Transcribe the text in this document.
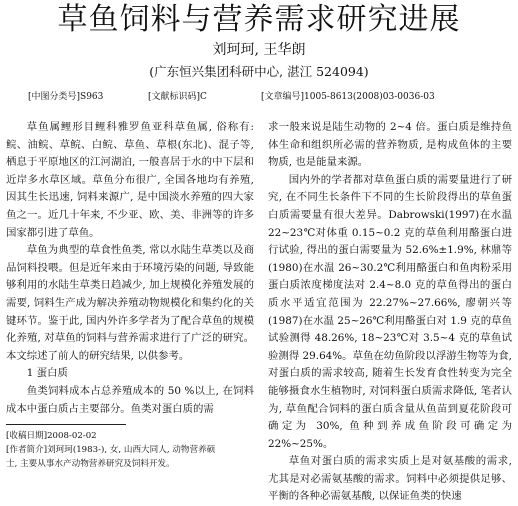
草鱼饲料与营养需求研究进展
刘珂珂, 王华朗
(广东恒兴集团科研中心, 湛江 524094)
[中图分类号]S963	[文献标识码]C	[文章编号]1005-8613(2008)03-0036-03

草鱼属鲤形目鲤科雅罗鱼亚科草鱼属, 俗称有: 鲩、油鲩、草鲩、白鲩、草鱼、草根(东北)、混子等, 栖息于平原地区的江河湖泊, 一般喜居于水的中下层和近岸多水草区域。草鱼分布很广, 全国各地均有养殖, 因其生长迅速, 饲料来源广, 是中国淡水养殖的四大家鱼之一。近几十年来, 不少亚、欧、美、非洲等的许多国家都引进了草鱼。

草鱼为典型的草食性鱼类, 常以水陆生草类以及商品饲料投喂。但是近年来由于环境污染的问题, 导致能够利用的水陆生草类日趋减少, 加上规模化养殖发展的需要, 饲料生产成为解决养殖动物规模化和集约化的关键环节。鉴于此, 国内外许多学者为了配合草鱼的规模化养殖, 对草鱼的饲料与营养需求进行了广泛的研究。本文综述了前人的研究结果, 以供参考。

1 蛋白质

鱼类饲料成本占总养殖成本的 50 %以上, 在饲料成本中蛋白质占主要部分。鱼类对蛋白质的需

求一般来说是陆生动物的 2~4 倍。蛋白质是维持鱼体生命和组织所必需的营养物质, 是构成鱼体的主要物质, 也是能量来源。

国内外的学者都对草鱼蛋白质的需要量进行了研究, 在不同生长条件下不同的生长阶段得出的草鱼蛋白质需要量有很大差异。Dabrowski(1997)在水温 22~23℃对体重 0.15~0.2 克的草鱼利用酪蛋白进行试验, 得出的蛋白需要量为 52.6%±1.9%, 林鼎等(1980)在水温 26~30.2℃利用酪蛋白和鱼肉粉采用蛋白质浓度梯度法对 2.4~8.0 克的草鱼得出的蛋白质水平适宜范围为 22.27%~27.66%, 廖朝兴等(1987)在水温 25~26℃利用酪蛋白对 1.9 克的草鱼试验测得 48.26%, 18~23℃对 3.5~4 克的草鱼试验测得 29.64%。草鱼在幼鱼阶段以浮游生物等为食, 对蛋白质的需求较高, 随着生长发育食性转变为完全能够摄食水生植物时, 对饲料蛋白质需求降低, 笔者认为, 草鱼配合饲料的蛋白质含量从鱼苗到夏花阶段可确定为 30%, 鱼种到养成鱼阶段可确定为 22%~25%。

草鱼对蛋白质的需求实质上是对氨基酸的需求, 尤其是对必需氨基酸的需求。饲料中必须提供足够、平衡的各种必需氨基酸, 以保证鱼类的快速

[收稿日期]2008-02-02
[作者简介]刘珂珂(1983-), 女, 山西大同人, 动物营养硕
士, 主要从事水产动物营养研究及饲料开发。
